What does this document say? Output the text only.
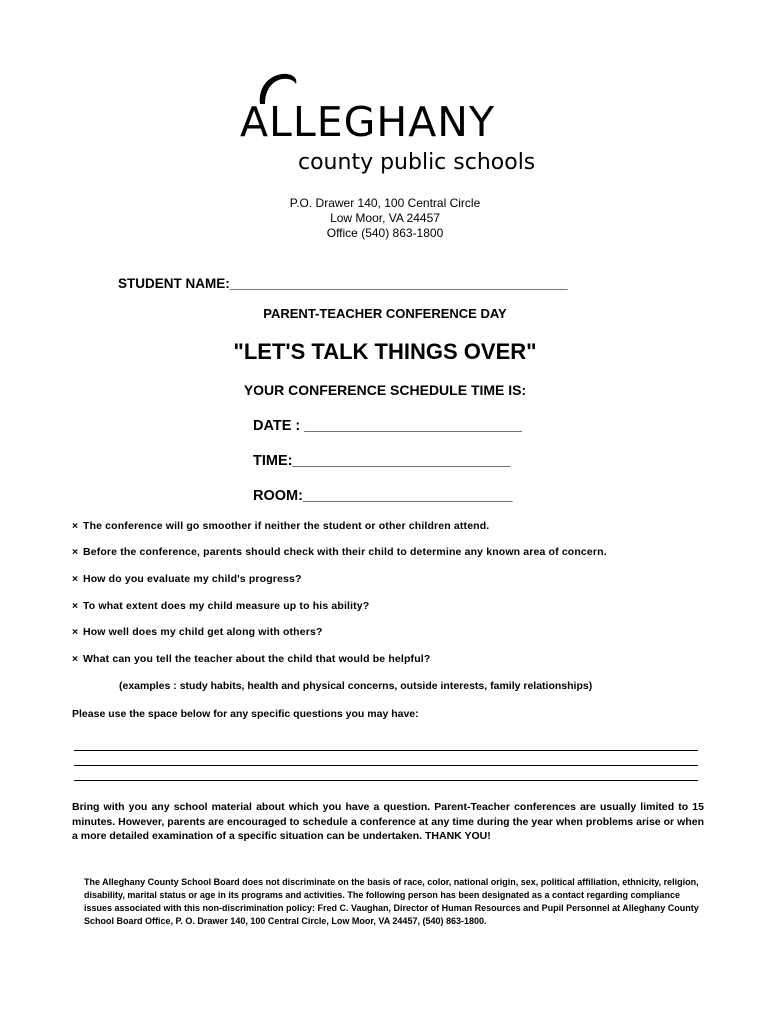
ALLEGHANY
county public schools
P.O. Drawer 140, 100 Central Circle
Low Moor, VA 24457
Office (540) 863-1800
STUDENT NAME:_____________________________________________
PARENT-TEACHER CONFERENCE DAY
"LET'S TALK THINGS OVER"
YOUR CONFERENCE SCHEDULE TIME IS:
DATE : ___________________________
TIME:___________________________
ROOM:__________________________
× The conference will go smoother if neither the student or other children attend.
× Before the conference, parents should check with their child to determine any known area of concern.
× How do you evaluate my child's progress?
× To what extent does my child measure up to his ability?
× How well does my child get along with others?
× What can you tell the teacher about the child that would be helpful?
(examples : study habits, health and physical concerns, outside interests, family relationships)
Please use the space below for any specific questions you may have:
Bring with you any school material about which you have a question. Parent-Teacher conferences are usually limited to 15 minutes. However, parents are encouraged to schedule a conference at any time during the year when problems arise or when a more detailed examination of a specific situation can be undertaken. THANK YOU!
The Alleghany County School Board does not discriminate on the basis of race, color, national origin, sex, political affiliation, ethnicity, religion, disability, marital status or age in its programs and activities. The following person has been designated as a contact regarding compliance issues associated with this non-discrimination policy: Fred C. Vaughan, Director of Human Resources and Pupil Personnel at Alleghany County School Board Office, P. O. Drawer 140, 100 Central Circle, Low Moor, VA 24457, (540) 863-1800.
